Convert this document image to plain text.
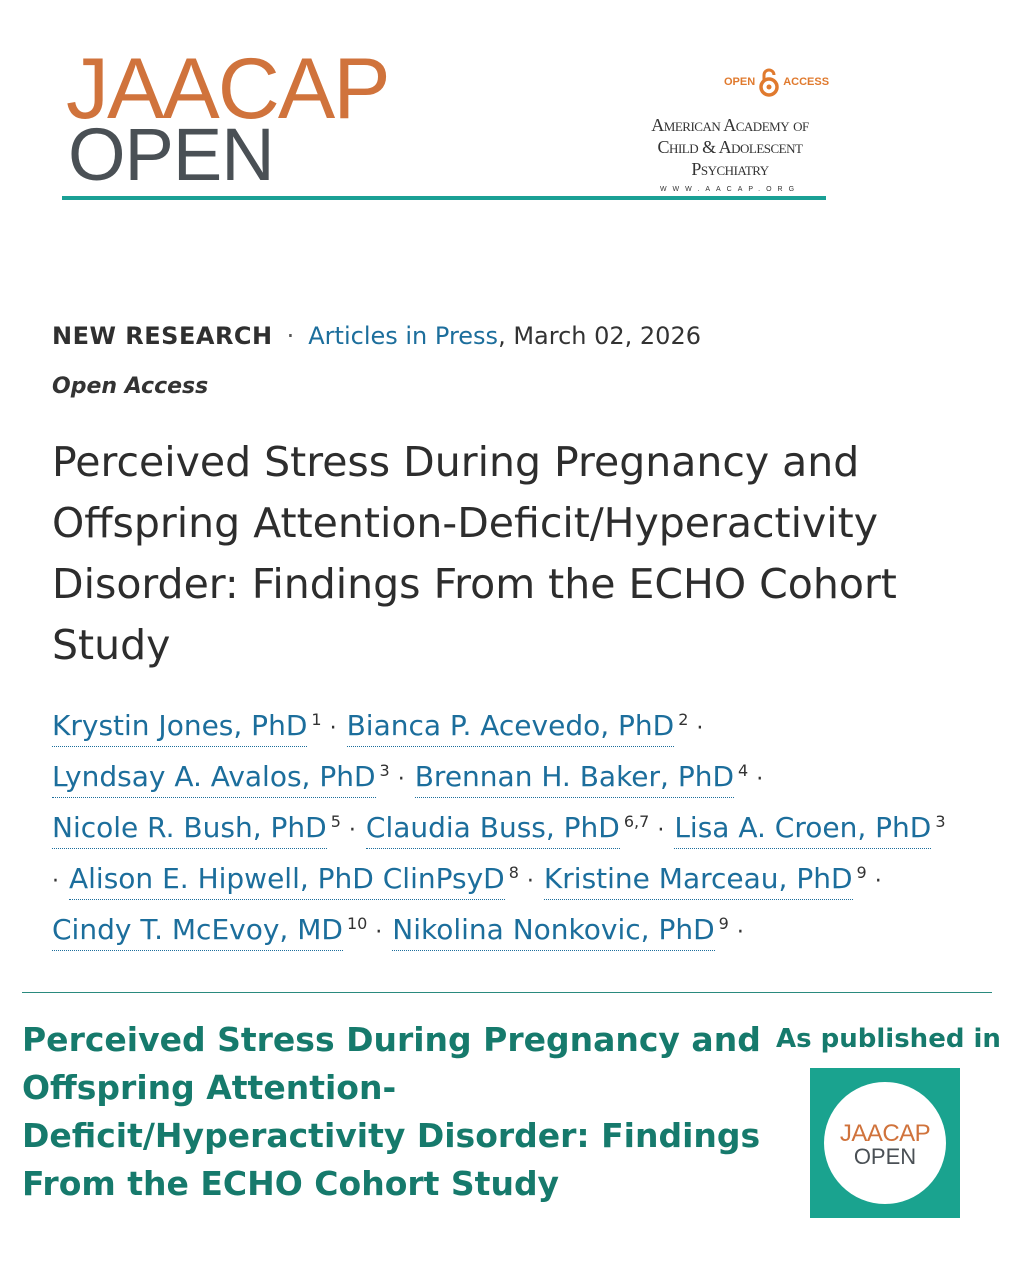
JAACAP
OPEN
OPEN	ACCESS
American Academy of
Child & Adolescent
Psychiatry
WWW.AACAP.ORG
NEW RESEARCH · Articles in Press , March 02, 2026
Open Access
Perceived Stress During Pregnancy and Offspring Attention-Deficit/Hyperactivity Disorder: Findings From the ECHO Cohort Study
Krystin Jones, PhD $^1$ · Bianca P. Acevedo, PhD $^2$ ·
Lyndsay A. Avalos, PhD $^3$ · Brennan H. Baker, PhD $^4$ ·
Nicole R. Bush, PhD $^5$ · Claudia Buss, PhD $^{6,7}$ · Lisa A. Croen, PhD $^3$
· Alison E. Hipwell, PhD ClinPsyD $^8$ · Kristine Marceau, PhD $^9$ ·
Cindy T. McEvoy, MD $^{10}$ · Nikolina Nonkovic, PhD $^9$ ·
Perceived Stress During Pregnancy and Offspring Attention-Deficit/Hyperactivity Disorder: Findings From the ECHO Cohort Study
As published in
JAACAP
OPEN
